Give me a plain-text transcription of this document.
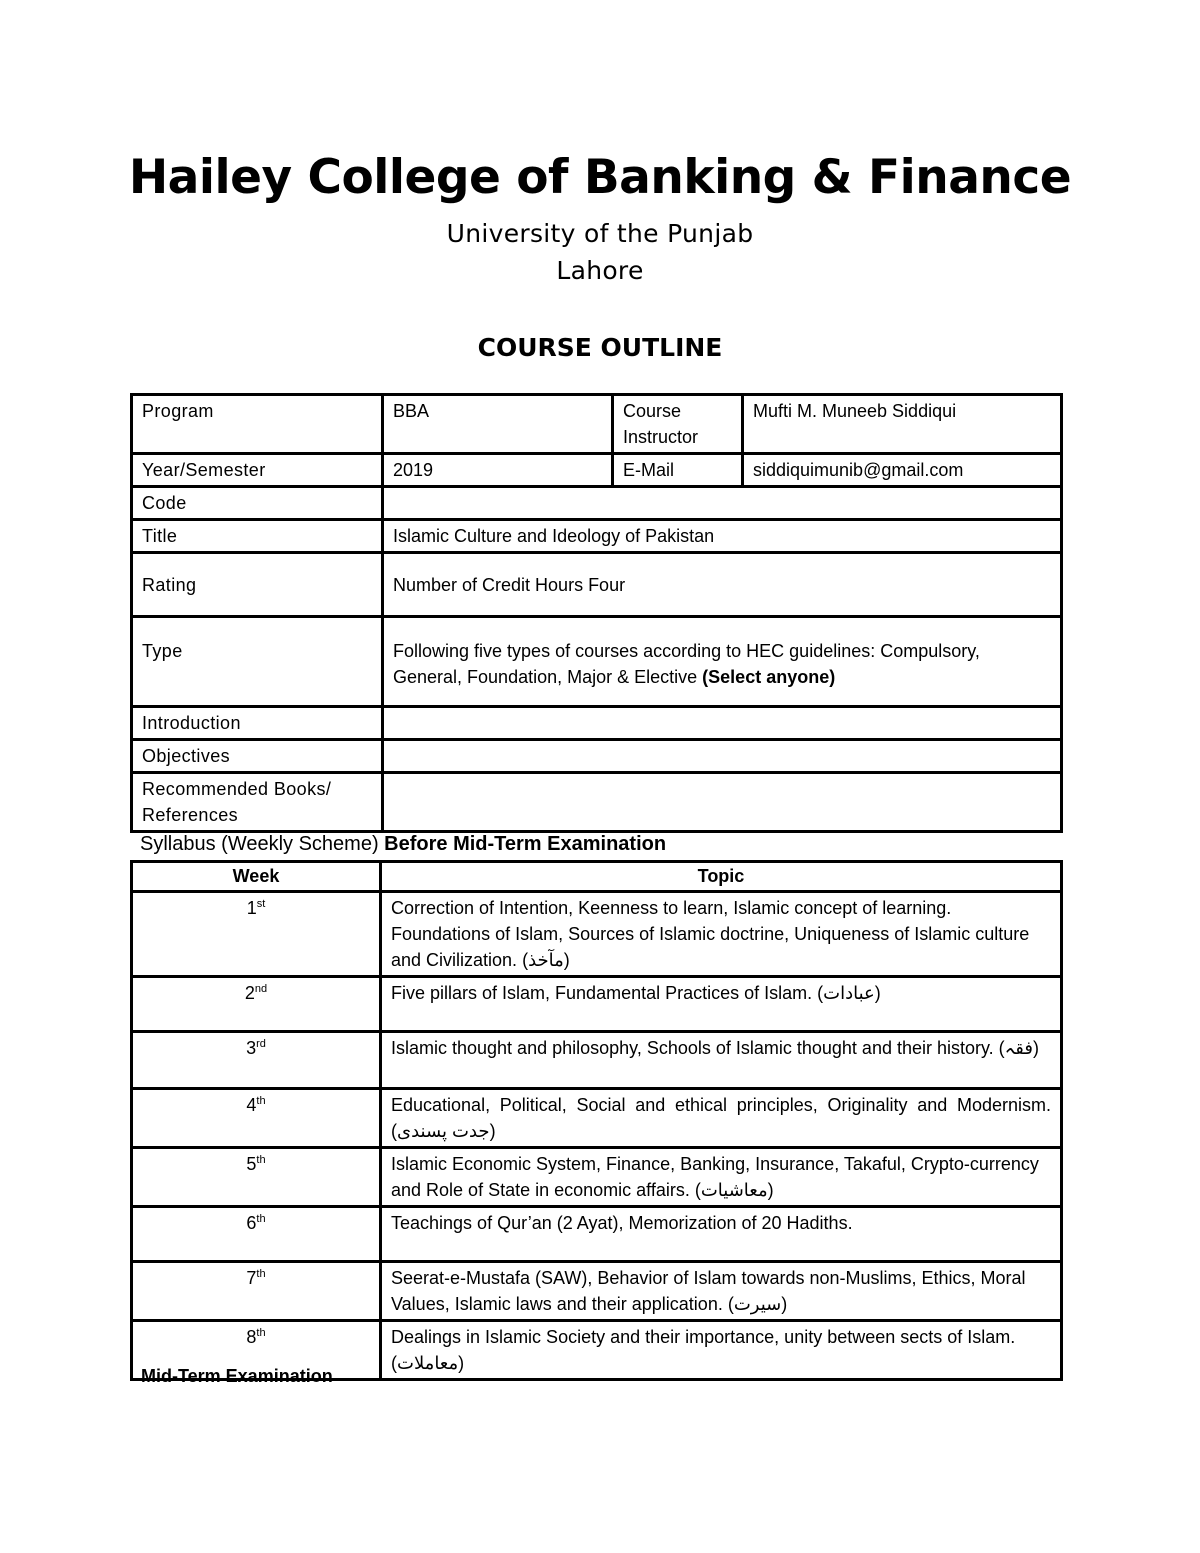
Hailey College of Banking & Finance
University of the Punjab
Lahore
COURSE OUTLINE
Program	BBA	Course Instructor	Mufti M. Muneeb Siddiqui
Year/Semester	2019	E-Mail	siddiquimunib@gmail.com
Code			
Title	Islamic Culture and Ideology of Pakistan		
Rating	Number of Credit Hours Four		
Type	Following five types of courses according to HEC guidelines: Compulsory, General, Foundation, Major & Elective (Select anyone)		
Introduction			
Objectives			
Recommended Books/ References			
Syllabus (Weekly Scheme) Before Mid-Term Examination
Week	Topic
1st	Correction of Intention, Keenness to learn, Islamic concept of learning. Foundations of Islam, Sources of Islamic doctrine, Uniqueness of Islamic culture and Civilization. (مآخذ)
2nd	Five pillars of Islam, Fundamental Practices of Islam. (عبادات)
3rd	Islamic thought and philosophy, Schools of Islamic thought and their history. (فقہ)
4th	Educational, Political, Social and ethical principles, Originality and Modernism. (جدت پسندی)
5th	Islamic Economic System, Finance, Banking, Insurance, Takaful, Crypto-currency and Role of State in economic affairs. (معاشیات)
6th	Teachings of Qur’an (2 Ayat), Memorization of 20 Hadiths.
7th	Seerat-e-Mustafa (SAW), Behavior of Islam towards non-Muslims, Ethics, Moral Values, Islamic laws and their application. (سیرت)
8th	Dealings in Islamic Society and their importance, unity between sects of Islam. (معاملات)
Mid-Term Examination
